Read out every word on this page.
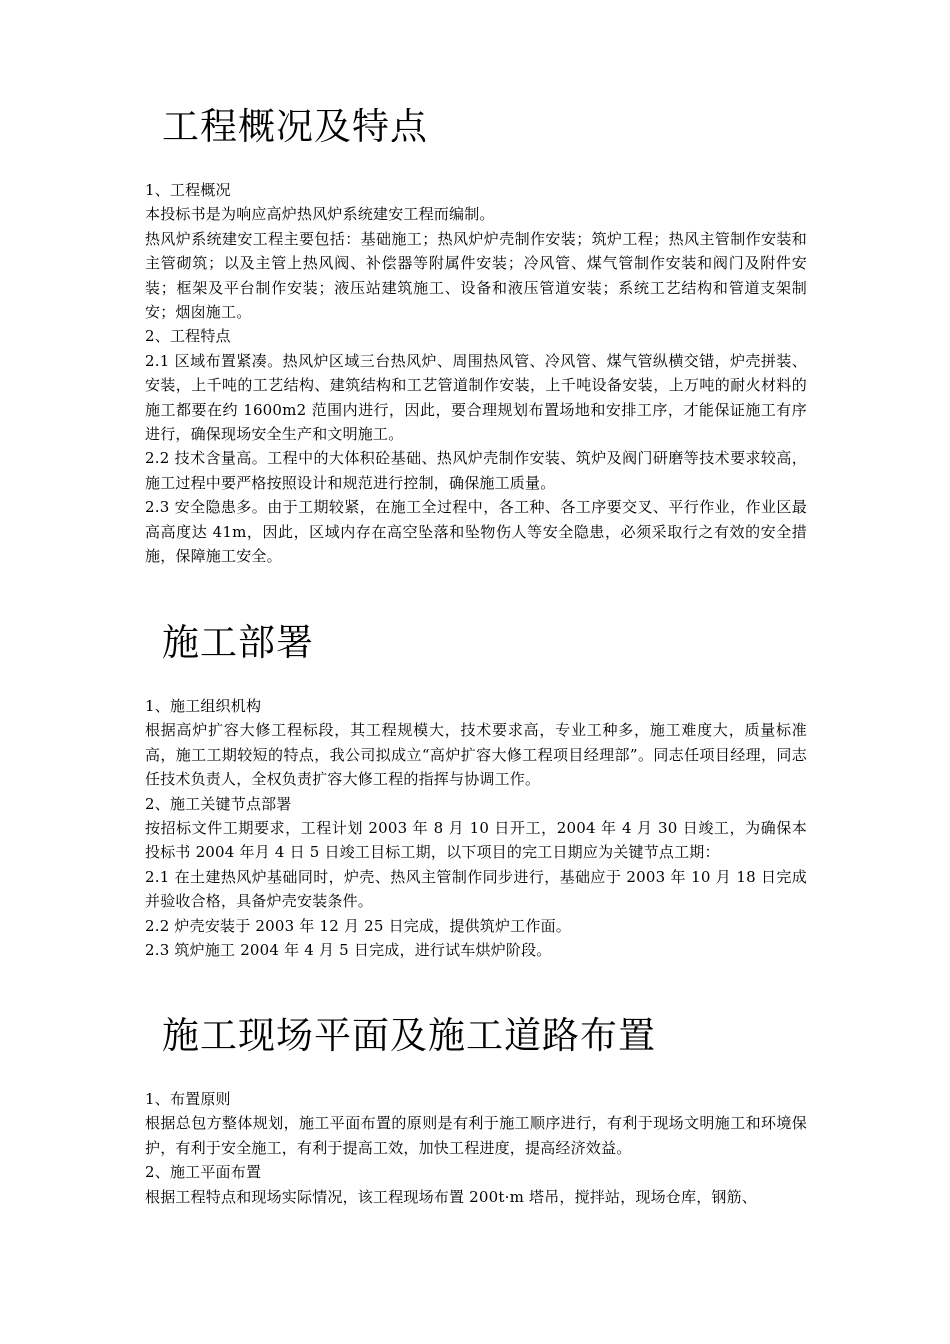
工程概况及特点

1、工程概况

本投标书是为响应高炉热风炉系统建安工程而编制。

热风炉系统建安工程主要包括：基础施工；热风炉炉壳制作安装；筑炉工程；热风主管制作安装和主管砌筑；以及主管上热风阀、补偿器等附属件安装；冷风管、煤气管制作安装和阀门及附件安装；框架及平台制作安装；液压站建筑施工、设备和液压管道安装；系统工艺结构和管道支架制安；烟囱施工。

2、工程特点

2.1 区域布置紧凑。热风炉区域三台热风炉、周围热风管、冷风管、煤气管纵横交错，炉壳拼装、安装，上千吨的工艺结构、建筑结构和工艺管道制作安装，上千吨设备安装，上万吨的耐火材料的施工都要在约 1600m2 范围内进行，因此，要合理规划布置场地和安排工序，才能保证施工有序进行，确保现场安全生产和文明施工。

2.2 技术含量高。工程中的大体积砼基础、热风炉壳制作安装、筑炉及阀门研磨等技术要求较高，施工过程中要严格按照设计和规范进行控制，确保施工质量。

2.3 安全隐患多。由于工期较紧，在施工全过程中，各工种、各工序要交叉、平行作业，作业区最高高度达 41m，因此，区域内存在高空坠落和坠物伤人等安全隐患，必须采取行之有效的安全措施，保障施工安全。

施工部署

1、施工组织机构

根据高炉扩容大修工程标段，其工程规模大，技术要求高，专业工种多，施工难度大，质量标准高，施工工期较短的特点，我公司拟成立“高炉扩容大修工程项目经理部”。同志任项目经理，同志任技术负责人，全权负责扩容大修工程的指挥与协调工作。

2、施工关键节点部署

按招标文件工期要求，工程计划 2003 年 8 月 10 日开工，2004 年 4 月 30 日竣工，为确保本投标书 2004 年月 4 日 5 日竣工目标工期，以下项目的完工日期应为关键节点工期：

2.1 在土建热风炉基础同时，炉壳、热风主管制作同步进行，基础应于 2003 年 10 月 18 日完成并验收合格，具备炉壳安装条件。

2.2 炉壳安装于 2003 年 12 月 25 日完成，提供筑炉工作面。

2.3 筑炉施工 2004 年 4 月 5 日完成，进行试车烘炉阶段。

施工现场平面及施工道路布置

1、布置原则

根据总包方整体规划，施工平面布置的原则是有利于施工顺序进行，有利于现场文明施工和环境保护，有利于安全施工，有利于提高工效，加快工程进度，提高经济效益。

2、施工平面布置

根据工程特点和现场实际情况，该工程现场布置 200t·m 塔吊，搅拌站，现场仓库，钢筋、
